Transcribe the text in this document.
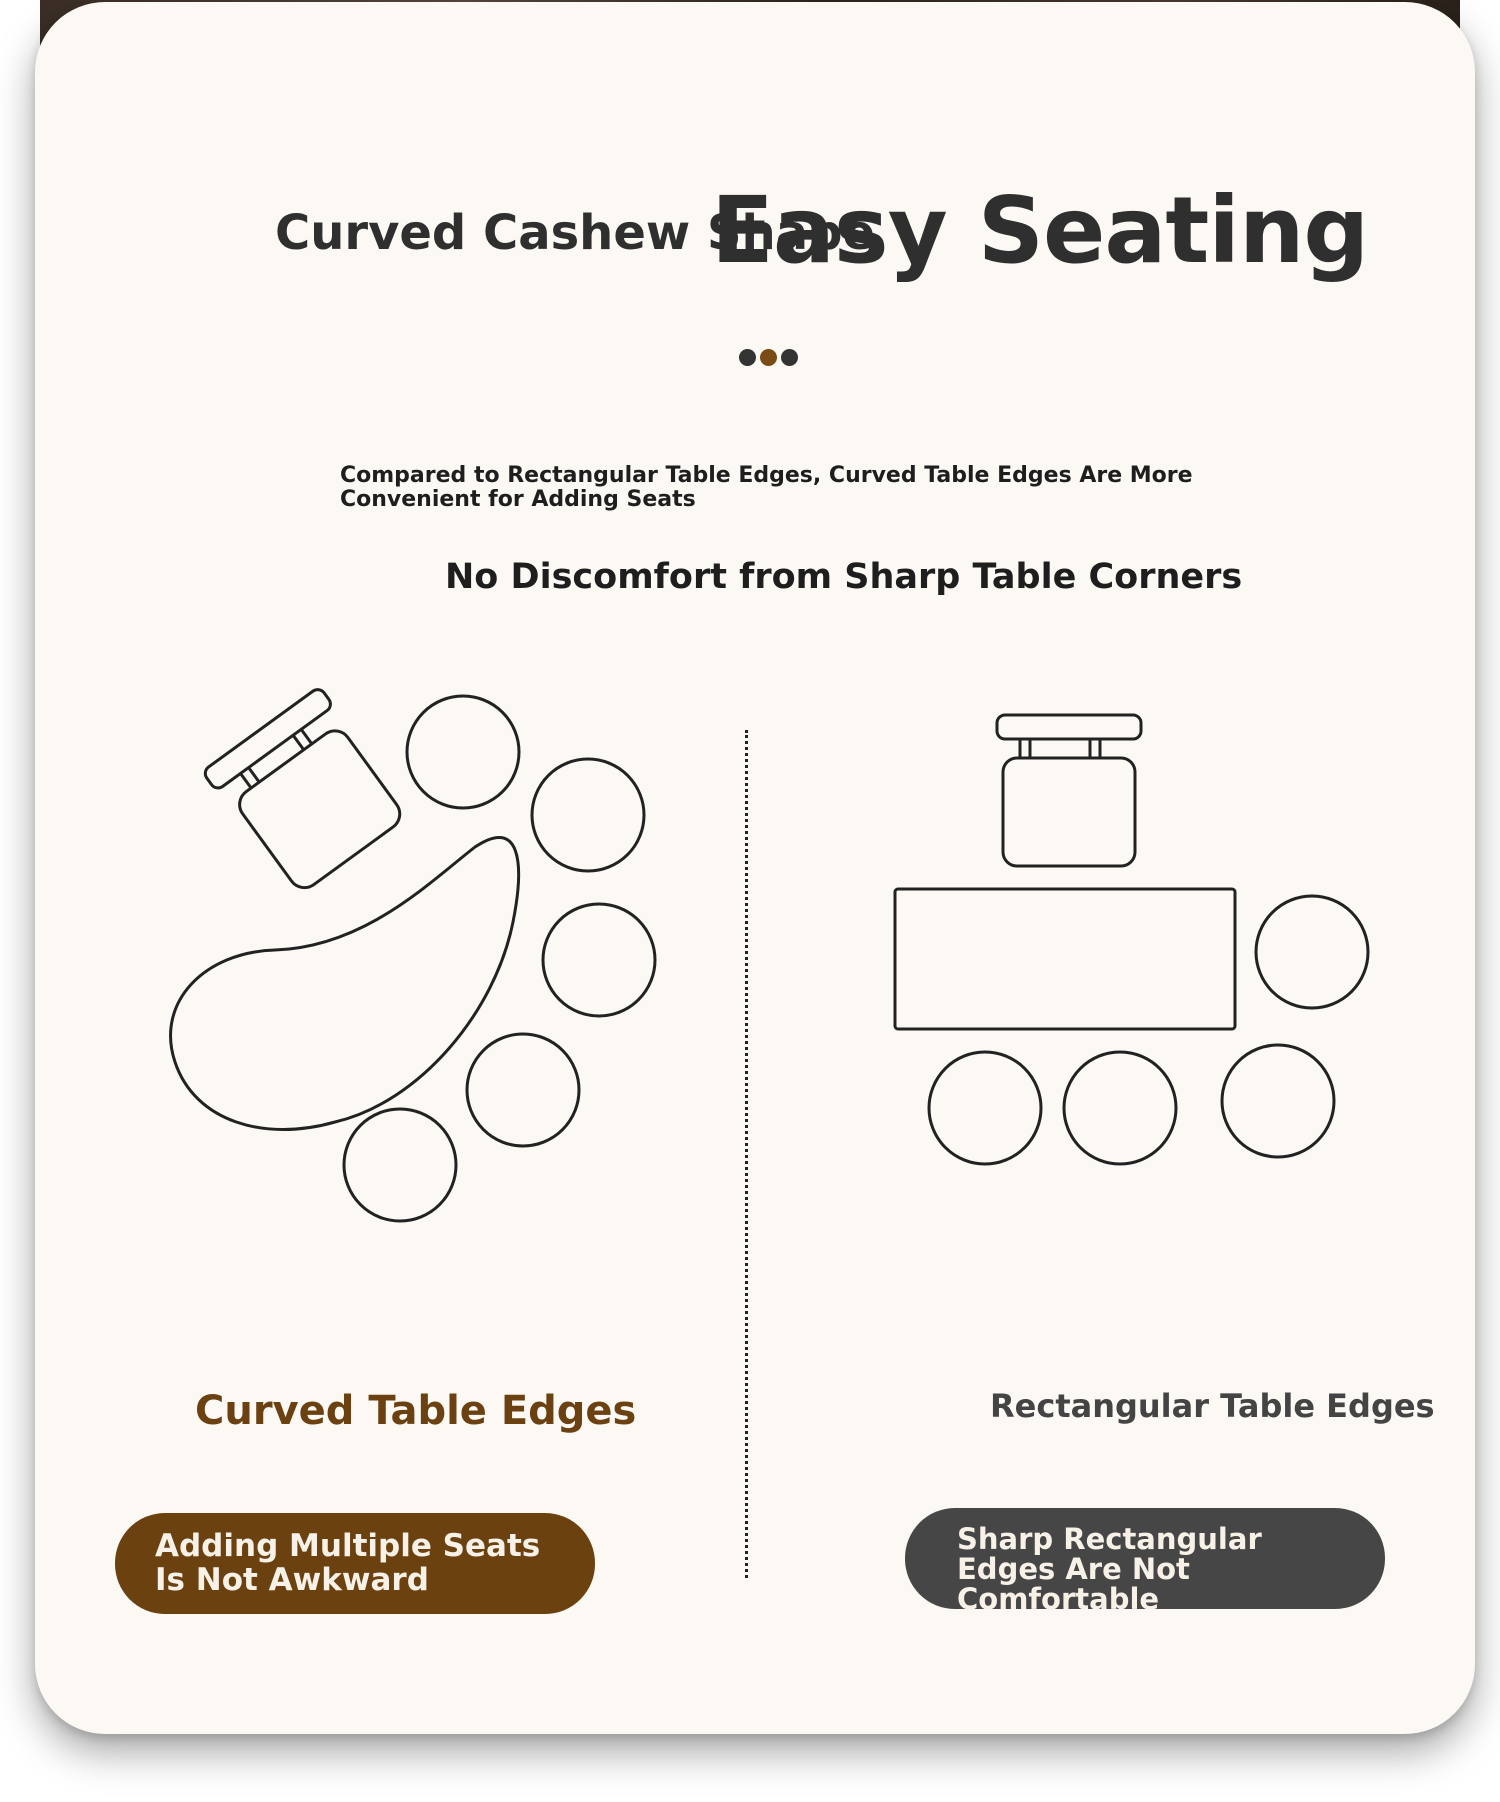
Curved Cashew Shape

Easy Seating

Compared to Rectangular Table Edges, Curved Table Edges Are More Convenient for Adding Seats

No Discomfort from Sharp Table Corners

Curved Table Edges	Rectangular Table Edges

Adding Multiple Seats Is Not Awkward
Sharp Rectangular Edges Are Not Comfortable
